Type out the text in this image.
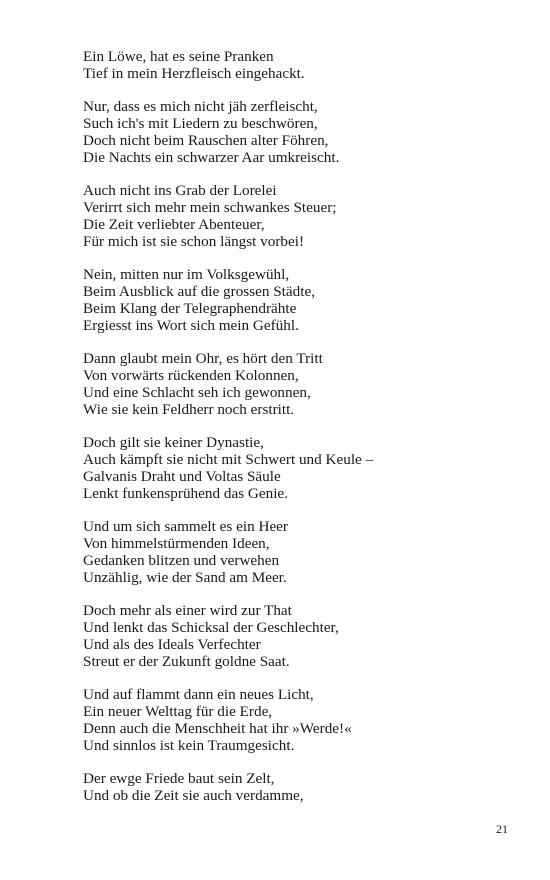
Ein Löwe, hat es seine Pranken
Tief in mein Herzfleisch eingehackt.
Nur, dass es mich nicht jäh zerfleischt,
Such ich's mit Liedern zu beschwören,
Doch nicht beim Rauschen alter Föhren,
Die Nachts ein schwarzer Aar umkreischt.
Auch nicht ins Grab der Lorelei
Verirrt sich mehr mein schwankes Steuer;
Die Zeit verliebter Abenteuer,
Für mich ist sie schon längst vorbei!
Nein, mitten nur im Volksgewühl,
Beim Ausblick auf die grossen Städte,
Beim Klang der Telegraphendrähte
Ergiesst ins Wort sich mein Gefühl.
Dann glaubt mein Ohr, es hört den Tritt
Von vorwärts rückenden Kolonnen,
Und eine Schlacht seh ich gewonnen,
Wie sie kein Feldherr noch erstritt.
Doch gilt sie keiner Dynastie,
Auch kämpft sie nicht mit Schwert und Keule –
Galvanis Draht und Voltas Säule
Lenkt funkensprühend das Genie.
Und um sich sammelt es ein Heer
Von himmelstürmenden Ideen,
Gedanken blitzen und verwehen
Unzählig, wie der Sand am Meer.
Doch mehr als einer wird zur That
Und lenkt das Schicksal der Geschlechter,
Und als des Ideals Verfechter
Streut er der Zukunft goldne Saat.
Und auf flammt dann ein neues Licht,
Ein neuer Welttag für die Erde,
Denn auch die Menschheit hat ihr »Werde!«
Und sinnlos ist kein Traumgesicht.
Der ewge Friede baut sein Zelt,
Und ob die Zeit sie auch verdamme,
21
